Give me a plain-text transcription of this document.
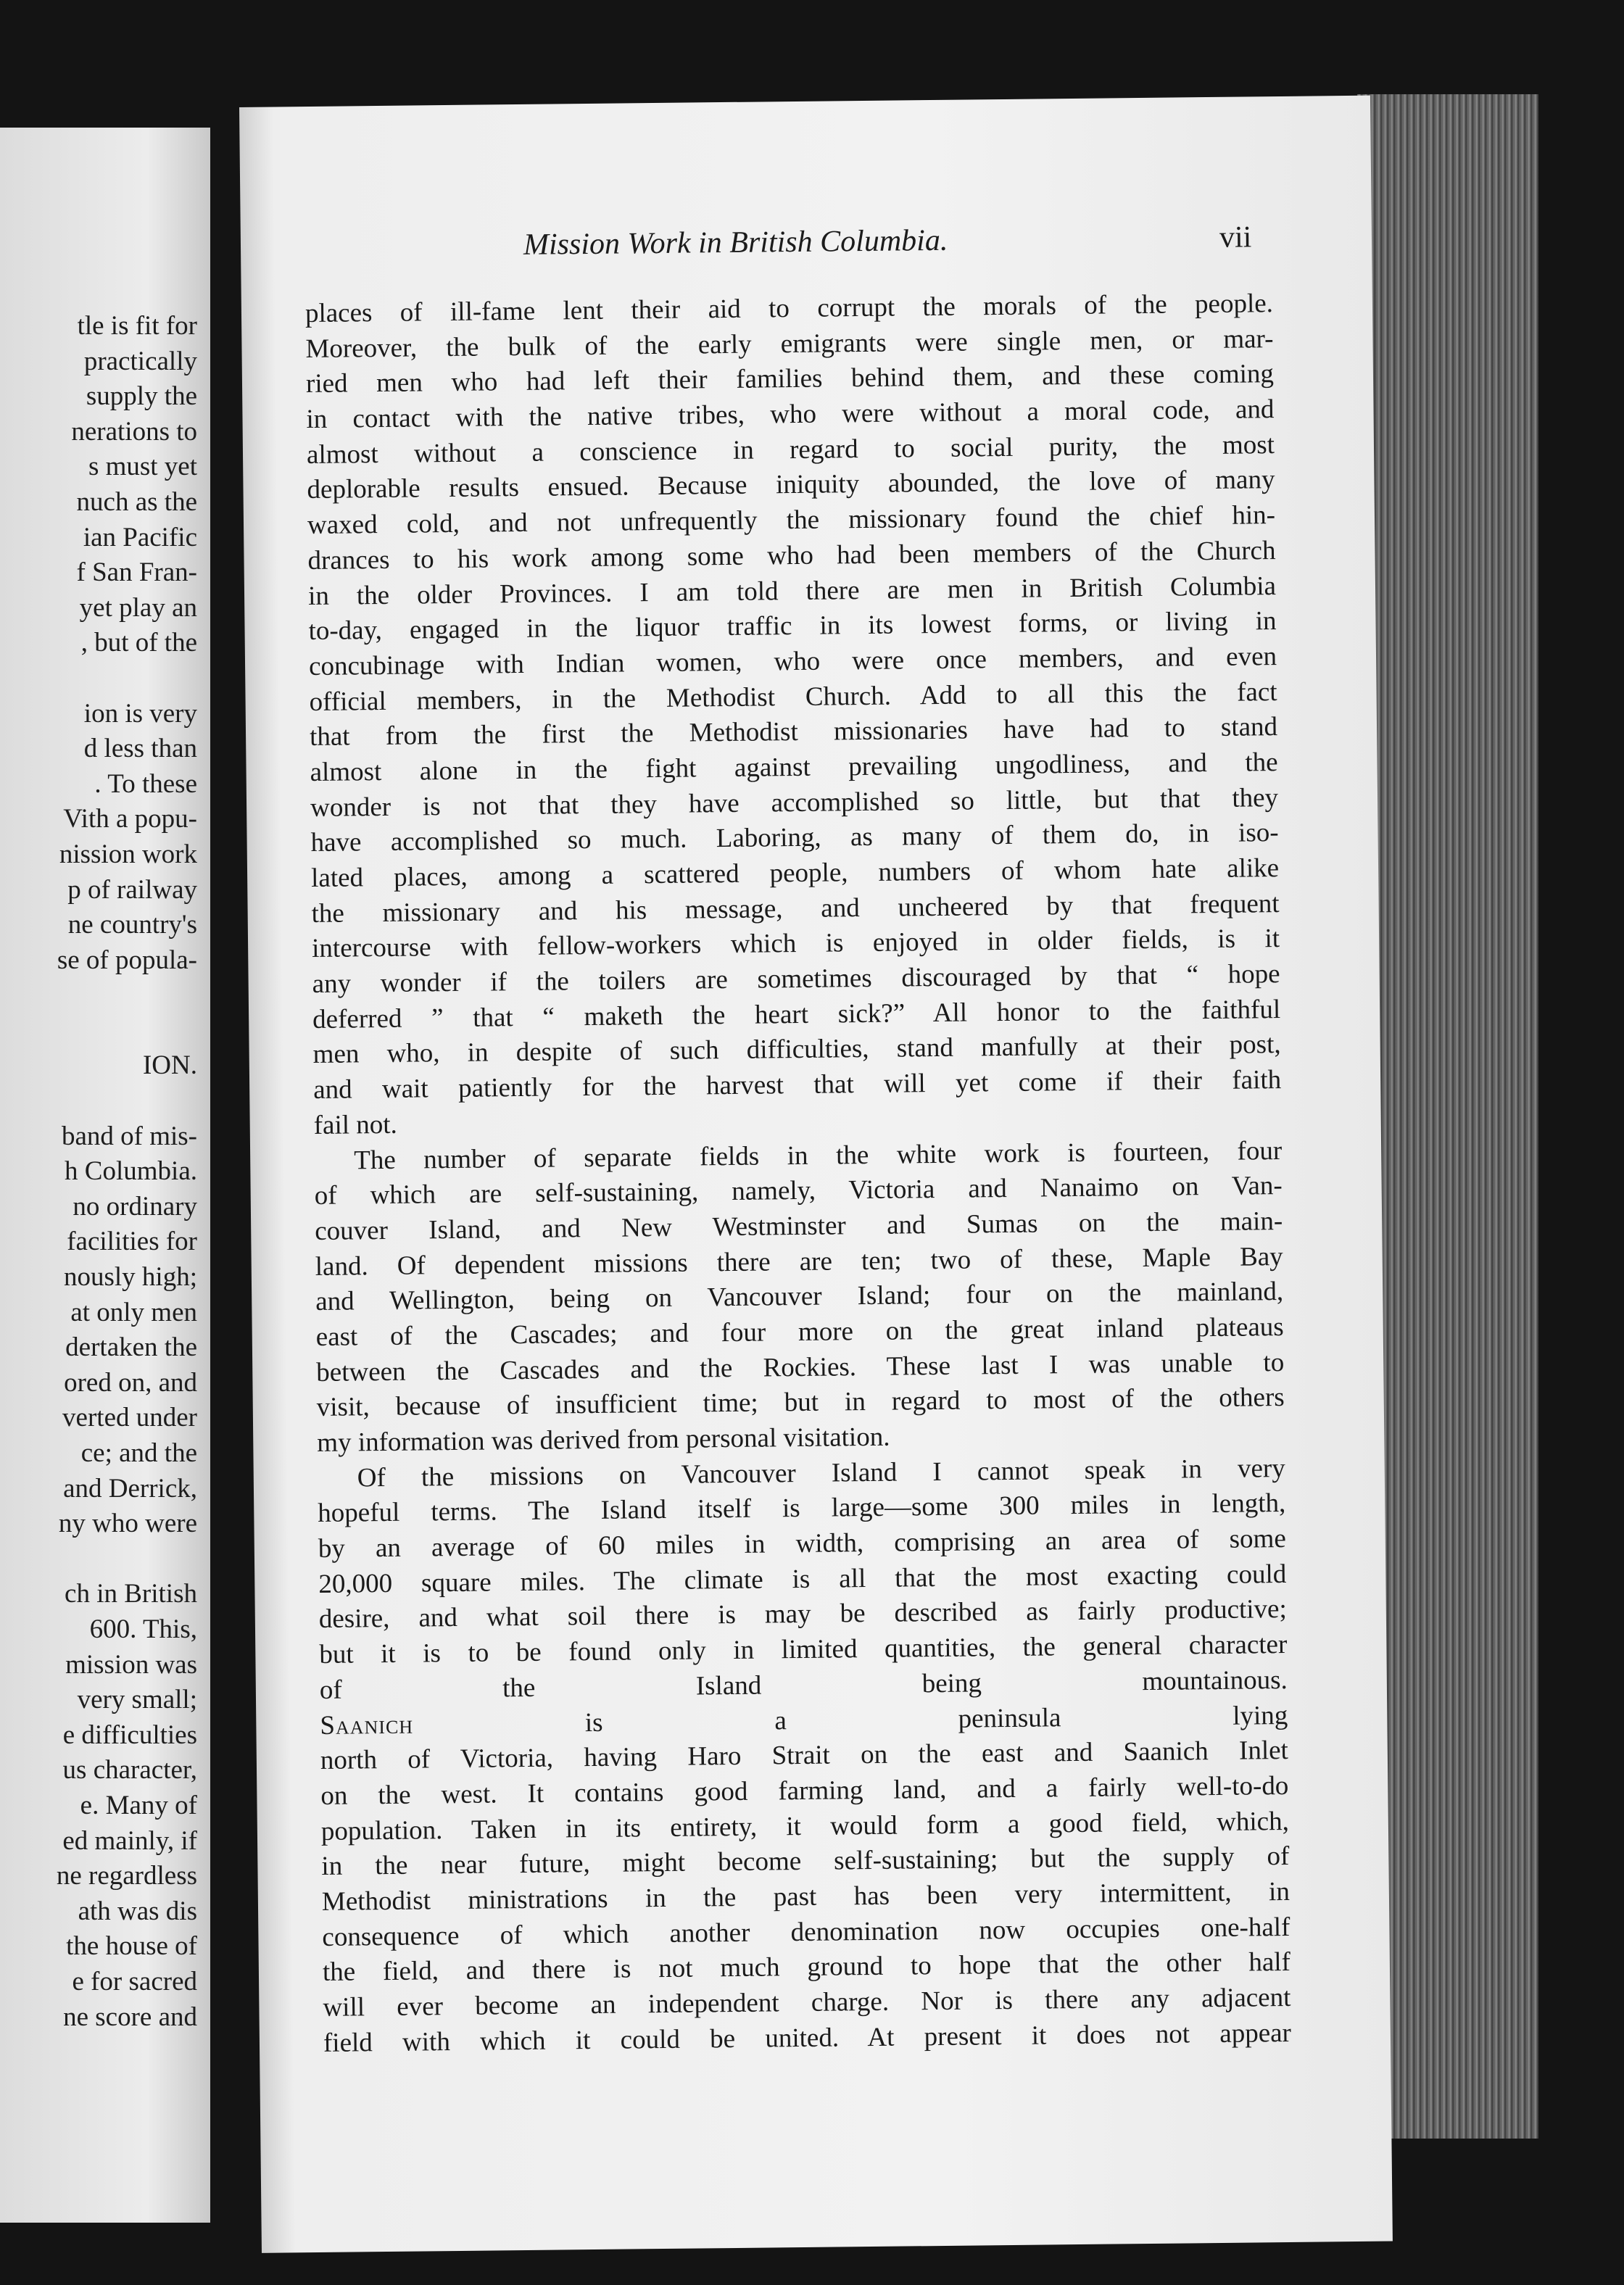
tle is fit for
practically
supply the
nerations to
s must yet
nuch as the
ian Pacific
f San Fran-
yet play an
, but of the
ion is very
d less than
. To these
Vith a popu-
nission work
p of railway
ne country's
se of popula-
ION.
band of mis-
h Columbia.
no ordinary
facilities for
nously high;
at only men
dertaken the
ored on, and
verted under
ce; and the
and Derrick,
ny who were
ch in British
600. This,
mission was
very small;
e difficulties
us character,
e. Many of
ed mainly, if
ne regardless
ath was dis
the house of
e for sacred
ne score and
Mission Work in British Columbia.	vii
places of ill-fame lent their aid to corrupt the morals of the people.
Moreover, the bulk of the early emigrants were single men, or mar-
ried men who had left their families behind them, and these coming
in contact with the native tribes, who were without a moral code, and
almost without a conscience in regard to social purity, the most
deplorable results ensued. Because iniquity abounded, the love of many
waxed cold, and not unfrequently the missionary found the chief hin-
drances to his work among some who had been members of the Church
in the older Provinces. I am told there are men in British Columbia
to-day, engaged in the liquor traffic in its lowest forms, or living in
concubinage with Indian women, who were once members, and even
official members, in the Methodist Church. Add to all this the fact
that from the first the Methodist missionaries have had to stand
almost alone in the fight against prevailing ungodliness, and the
wonder is not that they have accomplished so little, but that they
have accomplished so much. Laboring, as many of them do, in iso-
lated places, among a scattered people, numbers of whom hate alike
the missionary and his message, and uncheered by that frequent
intercourse with fellow-workers which is enjoyed in older fields, is it
any wonder if the toilers are sometimes discouraged by that “ hope
deferred ” that “ maketh the heart sick?” All honor to the faithful
men who, in despite of such difficulties, stand manfully at their post,
and wait patiently for the harvest that will yet come if their faith
fail not.
The number of separate fields in the white work is fourteen, four
of which are self-sustaining, namely, Victoria and Nanaimo on Van-
couver Island, and New Westminster and Sumas on the main-
land. Of dependent missions there are ten; two of these, Maple Bay
and Wellington, being on Vancouver Island; four on the mainland,
east of the Cascades; and four more on the great inland plateaus
between the Cascades and the Rockies. These last I was unable to
visit, because of insufficient time; but in regard to most of the others
my information was derived from personal visitation.
Of the missions on Vancouver Island I cannot speak in very
hopeful terms. The Island itself is large—some 300 miles in length,
by an average of 60 miles in width, comprising an area of some
20,000 square miles. The climate is all that the most exacting could
desire, and what soil there is may be described as fairly productive;
but it is to be found only in limited quantities, the general character
of the Island being mountainous.
Saanich	is a peninsula lying
north of Victoria, having Haro Strait on the east and Saanich Inlet
on the west. It contains good farming land, and a fairly well-to-do
population. Taken in its entirety, it would form a good field, which,
in the near future, might become self-sustaining; but the supply of
Methodist ministrations in the past has been very intermittent, in
consequence of which another denomination now occupies one-half
the field, and there is not much ground to hope that the other half
will ever become an independent charge. Nor is there any adjacent
field with which it could be united. At present it does not appear
